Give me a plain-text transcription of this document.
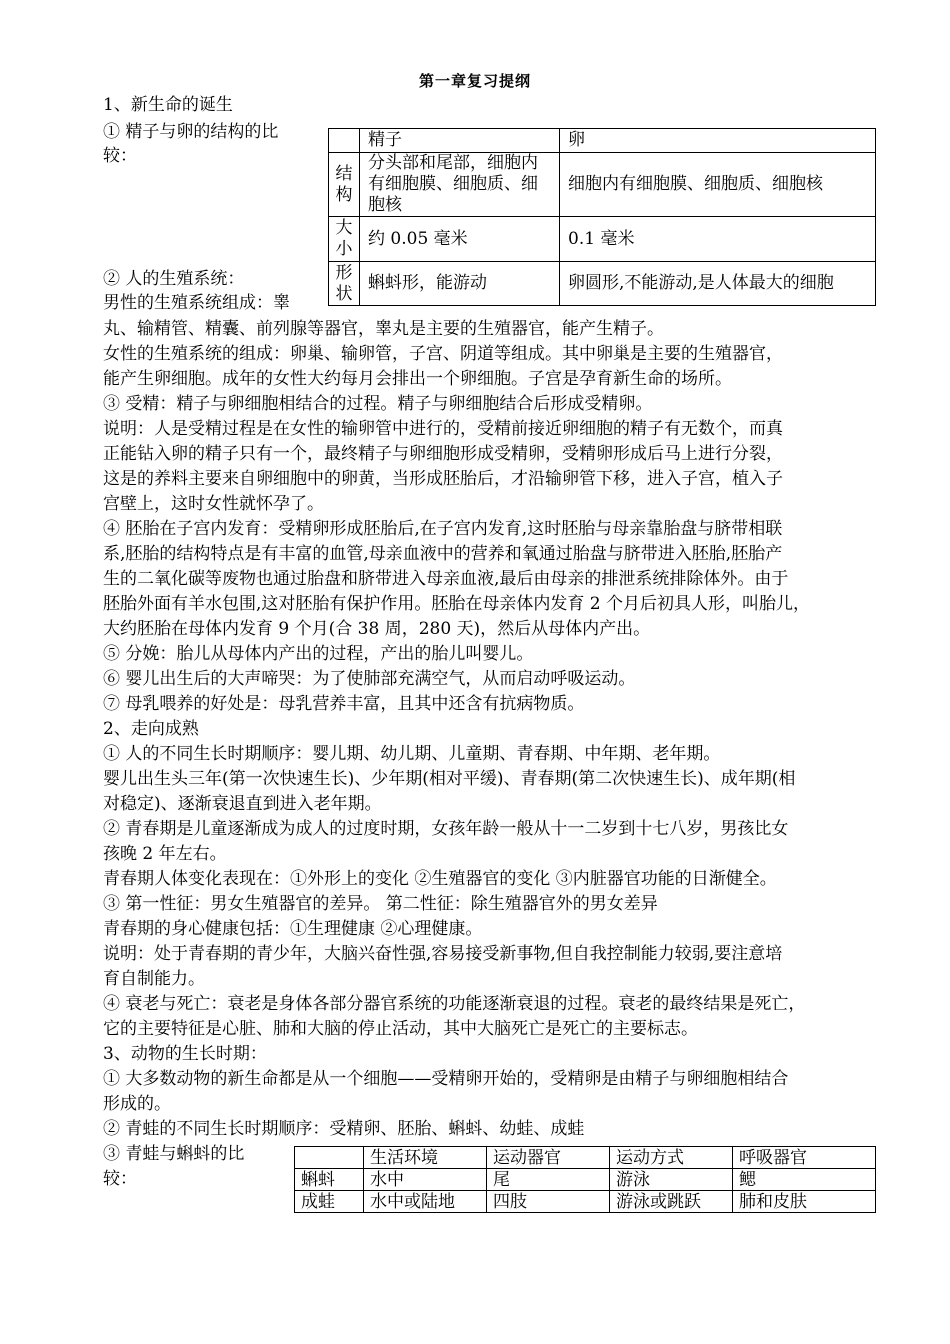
第一章复习提纲
1、新生命的诞生
① 精子与卵的结构的比
较：
② 人的生殖系统：
男性的生殖系统组成：睾
丸、输精管、精囊、前列腺等器官，睾丸是主要的生殖器官，能产生精子。
女性的生殖系统的组成：卵巢、输卵管，子宫、阴道等组成。其中卵巢是主要的生殖器官，
能产生卵细胞。成年的女性大约每月会排出一个卵细胞。子宫是孕育新生命的场所。
③ 受精：精子与卵细胞相结合的过程。精子与卵细胞结合后形成受精卵。
说明：人是受精过程是在女性的输卵管中进行的，受精前接近卵细胞的精子有无数个，而真
正能钻入卵的精子只有一个，最终精子与卵细胞形成受精卵，受精卵形成后马上进行分裂，
这是的养料主要来自卵细胞中的卵黄，当形成胚胎后，才沿输卵管下移，进入子宫，植入子
宫壁上，这时女性就怀孕了。
④ 胚胎在子宫内发育：受精卵形成胚胎后,在子宫内发育,这时胚胎与母亲靠胎盘与脐带相联
系,胚胎的结构特点是有丰富的血管,母亲血液中的营养和氧通过胎盘与脐带进入胚胎,胚胎产
生的二氧化碳等废物也通过胎盘和脐带进入母亲血液,最后由母亲的排泄系统排除体外。由于
胚胎外面有羊水包围,这对胚胎有保护作用。胚胎在母亲体内发育 2 个月后初具人形，叫胎儿，
大约胚胎在母体内发育 9 个月(合 38 周，280 天)，然后从母体内产出。
⑤ 分娩：胎儿从母体内产出的过程，产出的胎儿叫婴儿。
⑥ 婴儿出生后的大声啼哭：为了使肺部充满空气，从而启动呼吸运动。
⑦ 母乳喂养的好处是：母乳营养丰富，且其中还含有抗病物质。
2、走向成熟
① 人的不同生长时期顺序：婴儿期、幼儿期、儿童期、青春期、中年期、老年期。
婴儿出生头三年(第一次快速生长)、少年期(相对平缓)、青春期(第二次快速生长)、成年期(相
对稳定)、逐渐衰退直到进入老年期。
② 青春期是儿童逐渐成为成人的过度时期，女孩年龄一般从十一二岁到十七八岁，男孩比女
孩晚 2 年左右。
青春期人体变化表现在：①外形上的变化 ②生殖器官的变化 ③内脏器官功能的日渐健全。
③ 第一性征：男女生殖器官的差异。 第二性征：除生殖器官外的男女差异
青春期的身心健康包括：①生理健康 ②心理健康。
说明：处于青春期的青少年，大脑兴奋性强,容易接受新事物,但自我控制能力较弱,要注意培
育自制能力。
④ 衰老与死亡：衰老是身体各部分器官系统的功能逐渐衰退的过程。衰老的最终结果是死亡，
它的主要特征是心脏、肺和大脑的停止活动，其中大脑死亡是死亡的主要标志。
3、动物的生长时期：
① 大多数动物的新生命都是从一个细胞——受精卵开始的，受精卵是由精子与卵细胞相结合
形成的。
② 青蛙的不同生长时期顺序：受精卵、胚胎、蝌蚪、幼蛙、成蛙
③ 青蛙与蝌蚪的比
较：
	精子	卵
结构	分头部和尾部，细胞内有细胞膜、细胞质、细胞核	细胞内有细胞膜、细胞质、细胞核
大小	约 0.05 毫米	0.1 毫米
形状	蝌蚪形，能游动	卵圆形,不能游动,是人体最大的细胞
	生活环境	运动器官	运动方式	呼吸器官
蝌蚪	水中	尾	游泳	鳃
成蛙	水中或陆地	四肢	游泳或跳跃	肺和皮肤
